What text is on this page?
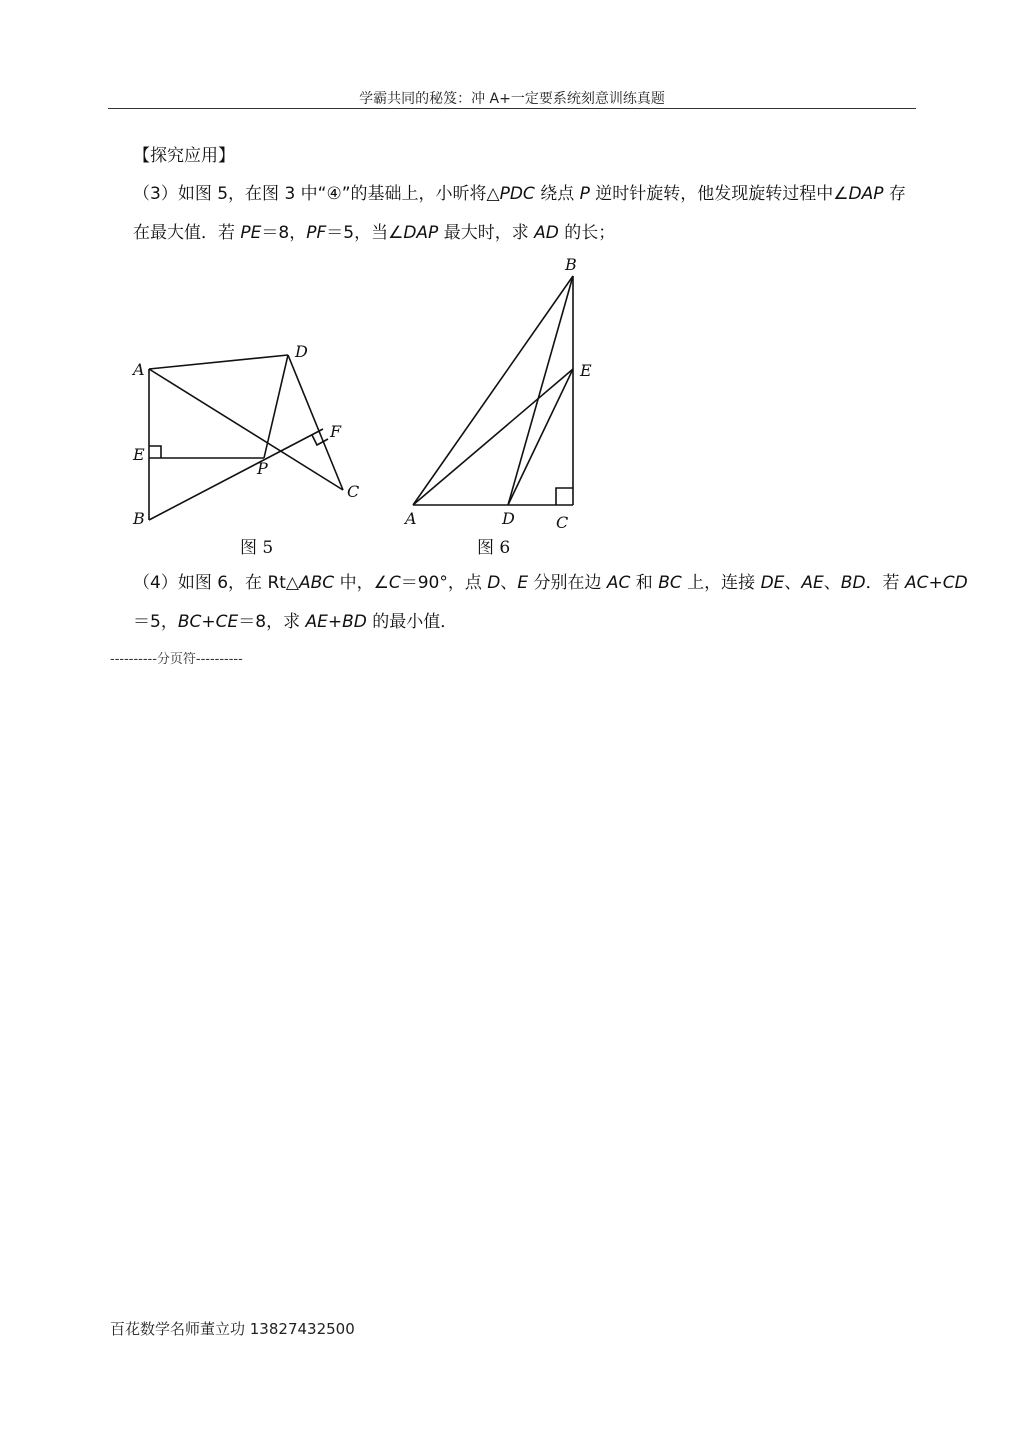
学霸共同的秘笈：冲 A+一定要系统刻意训练真题
【探究应用】
（3）如图 5，在图 3 中“④”的基础上，小昕将△PDC 绕点 P 逆时针旋转，他发现旋转过程中∠DAP 存
在最大值．若 PE＝8，PF＝5，当∠DAP 最大时，求 AD 的长；
A
B
E
D
F
P
C
图 5
B
E
A	D	C
图 6
（4）如图 6，在 Rt△ABC 中，∠C＝90°，点 D、E 分别在边 AC 和 BC 上，连接 DE、AE、BD．若 AC+CD
＝5，BC+CE＝8，求 AE+BD 的最小值．
----------分页符----------
百花数学名师董立功 13827432500
